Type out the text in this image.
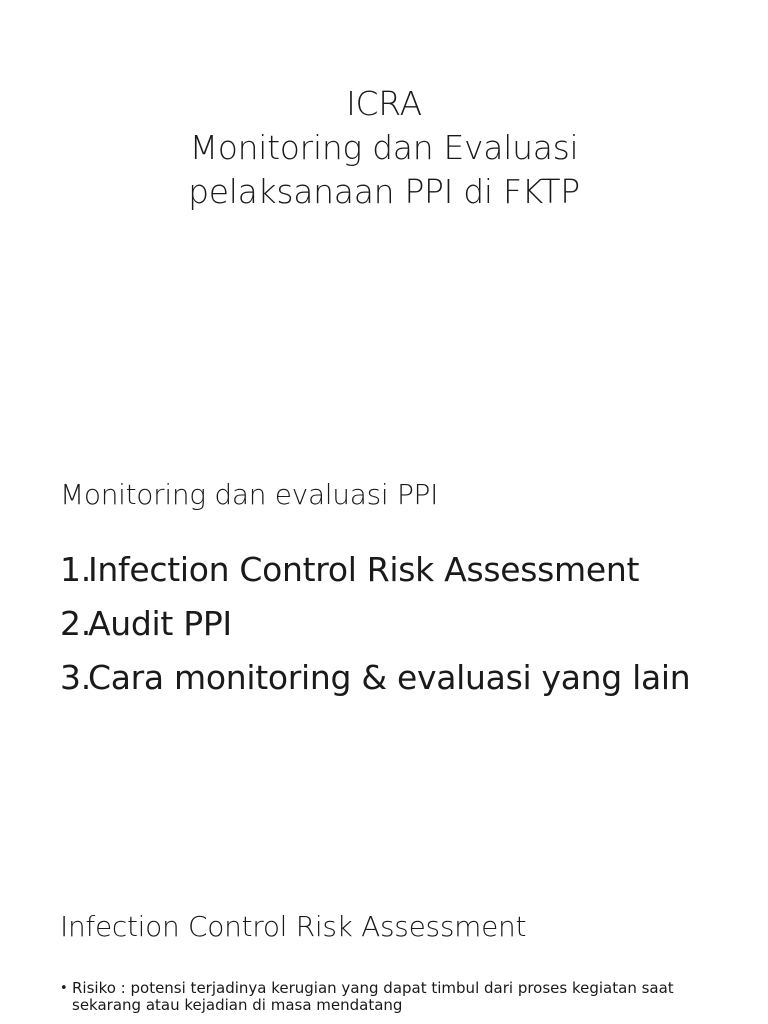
ICRA
Monitoring dan Evaluasi
pelaksanaan PPI di FKTP
Monitoring dan evaluasi PPI
1.
Infection Control Risk Assessment
2.
Audit PPI
3.
Cara monitoring & evaluasi yang lain
Infection Control Risk Assessment
• Risiko : potensi terjadinya kerugian yang dapat timbul dari proses kegiatan saat sekarang atau kejadian di masa mendatang
